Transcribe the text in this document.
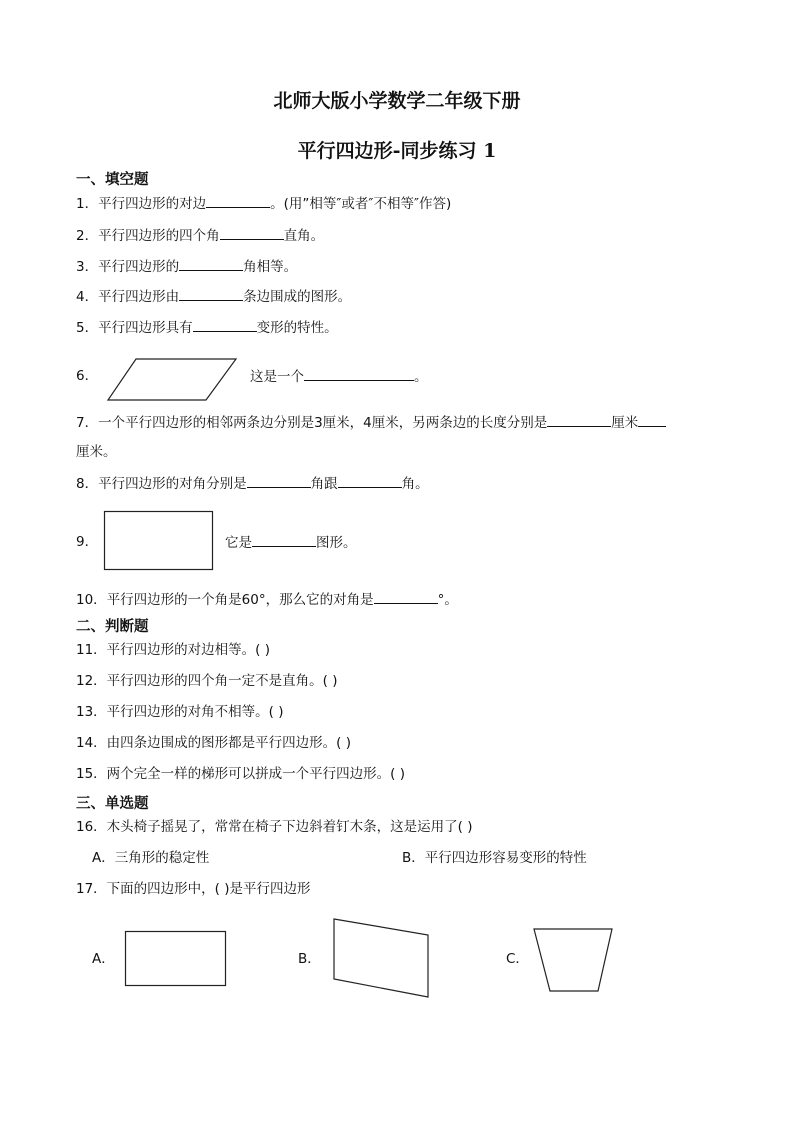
北师大版小学数学二年级下册
平行四边形-同步练习 1
一、填空题
1．平行四边形的对边	。(用”相等″或者″不相等″作答)
2．平行四边形的四个角	直角。
3．平行四边形的	角相等。
4．平行四边形由	条边围成的图形。
5．平行四边形具有	变形的特性。
6．	这是一个	。
7．一个平行四边形的相邻两条边分别是3厘米，4厘米，另两条边的长度分别是	厘米
厘米。
8．平行四边形的对角分别是	角跟	角。
9．	它是	图形。
10．平行四边形的一个角是60°，那么它的对角是	°。
二、判断题
11．平行四边形的对边相等。( )
12．平行四边形的四个角一定不是直角。( )
13．平行四边形的对角不相等。( )
14．由四条边围成的图形都是平行四边形。( )
15．两个完全一样的梯形可以拼成一个平行四边形。( )
三、单选题
16．木头椅子摇晃了，常常在椅子下边斜着钉木条，这是运用了( )
A．三角形的稳定性	B．平行四边形容易变形的特性
17．下面的四边形中，( )是平行四边形
A．	B．	C．
